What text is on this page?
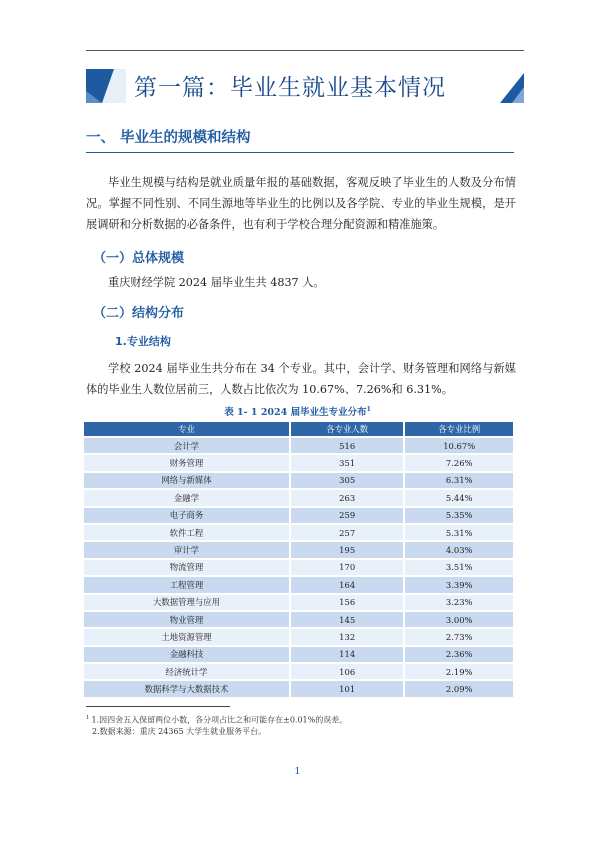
第一篇：毕业生就业基本情况
一、 毕业生的规模和结构

毕业生规模与结构是就业质量年报的基础数据，客观反映了毕业生的人数及分布情况。掌握不同性别、不同生源地等毕业生的比例以及各学院、专业的毕业生规模，是开展调研和分析数据的必备条件，也有利于学校合理分配资源和精准施策。

（一）总体规模
重庆财经学院 2024 届毕业生共 4837 人。
（二）结构分布
1.专业结构

学校 2024 届毕业生共分布在 34 个专业。其中，会计学、财务管理和网络与新媒体的毕业生人数位居前三，人数占比依次为 10.67%、7.26%和 6.31%。

表 1- 1 2024 届毕业生专业分布$^1$
专业	各专业人数	各专业比例
会计学	516	10.67%
财务管理	351	7.26%
网络与新媒体	305	6.31%
金融学	263	5.44%
电子商务	259	5.35%
软件工程	257	5.31%
审计学	195	4.03%
物流管理	170	3.51%
工程管理	164	3.39%
大数据管理与应用	156	3.23%
物业管理	145	3.00%
土地资源管理	132	2.73%
金融科技	114	2.36%
经济统计学	106	2.19%
数据科学与大数据技术	101	2.09%
$^1$ 1.因四舍五入保留两位小数，各分项占比之和可能存在±0.01%的误差。
2.数据来源：重庆 24365 大学生就业服务平台。
1
